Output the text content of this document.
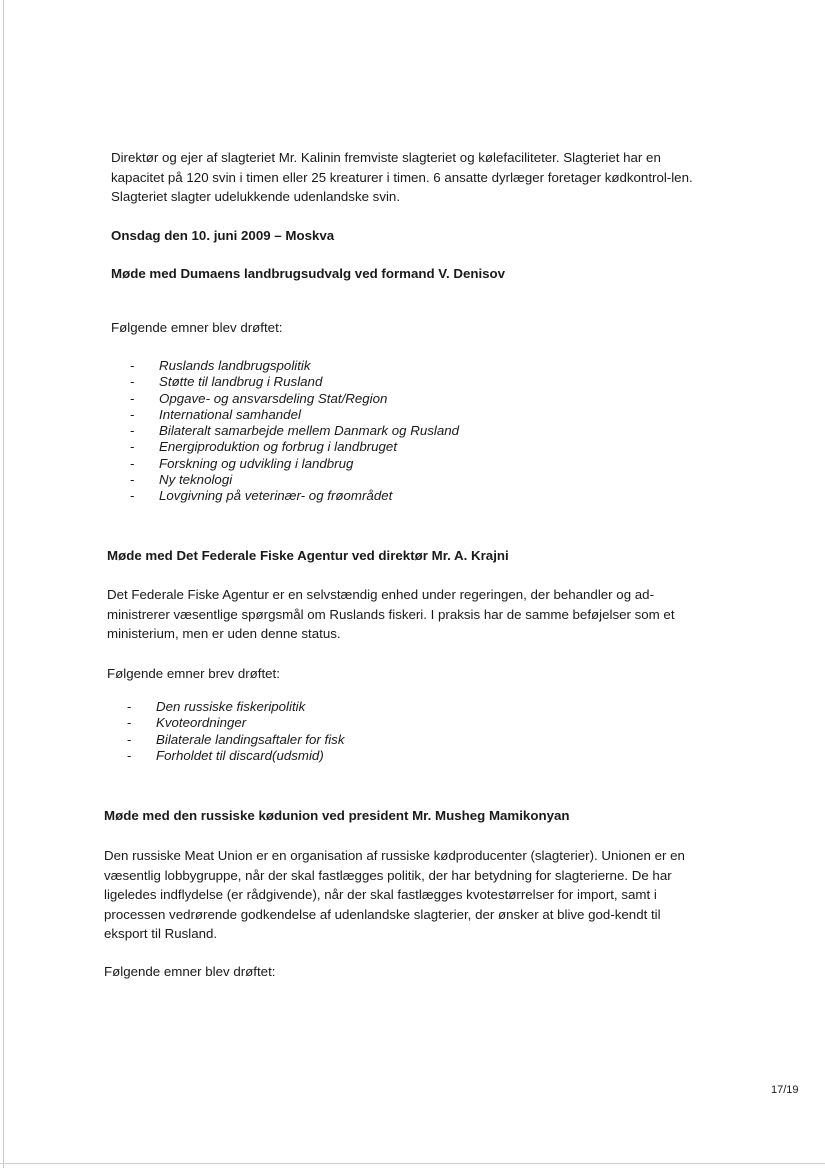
Direktør og ejer af slagteriet Mr. Kalinin fremviste slagteriet og kølefaciliteter. Slagteriet har en kapacitet på 120 svin i timen eller 25 kreaturer i timen. 6 ansatte dyrlæger foretager kødkontrol-len. Slagteriet slagter udelukkende udenlandske svin.

Onsdag den 10. juni 2009 – Moskva
Møde med Dumaens landbrugsudvalg ved formand V. Denisov

Følgende emner blev drøftet:

- Ruslands landbrugspolitik
- Støtte til landbrug i Rusland
- Opgave- og ansvarsdeling Stat/Region
- International samhandel
- Bilateralt samarbejde mellem Danmark og Rusland
- Energiproduktion og forbrug i landbruget
- Forskning og udvikling i landbrug
- Ny teknologi
- Lovgivning på veterinær- og frøområdet
Møde med Det Federale Fiske Agentur ved direktør Mr. A. Krajni

Det Federale Fiske Agentur er en selvstændig enhed under regeringen, der behandler og ad-ministrerer væsentlige spørgsmål om Ruslands fiskeri. I praksis har de samme beføjelser som et ministerium, men er uden denne status.

Følgende emner brev drøftet:

- Den russiske fiskeripolitik
- Kvoteordninger
- Bilaterale landingsaftaler for fisk
- Forholdet til discard(udsmid)
Møde med den russiske kødunion ved president Mr. Musheg Mamikonyan

Den russiske Meat Union er en organisation af russiske kødproducenter (slagterier). Unionen er en væsentlig lobbygruppe, når der skal fastlægges politik, der har betydning for slagterierne. De har ligeledes indflydelse (er rådgivende), når der skal fastlægges kvotestørrelser for import, samt i processen vedrørende godkendelse af udenlandske slagterier, der ønsker at blive god-kendt til eksport til Rusland.

Følgende emner blev drøftet:

17/19
